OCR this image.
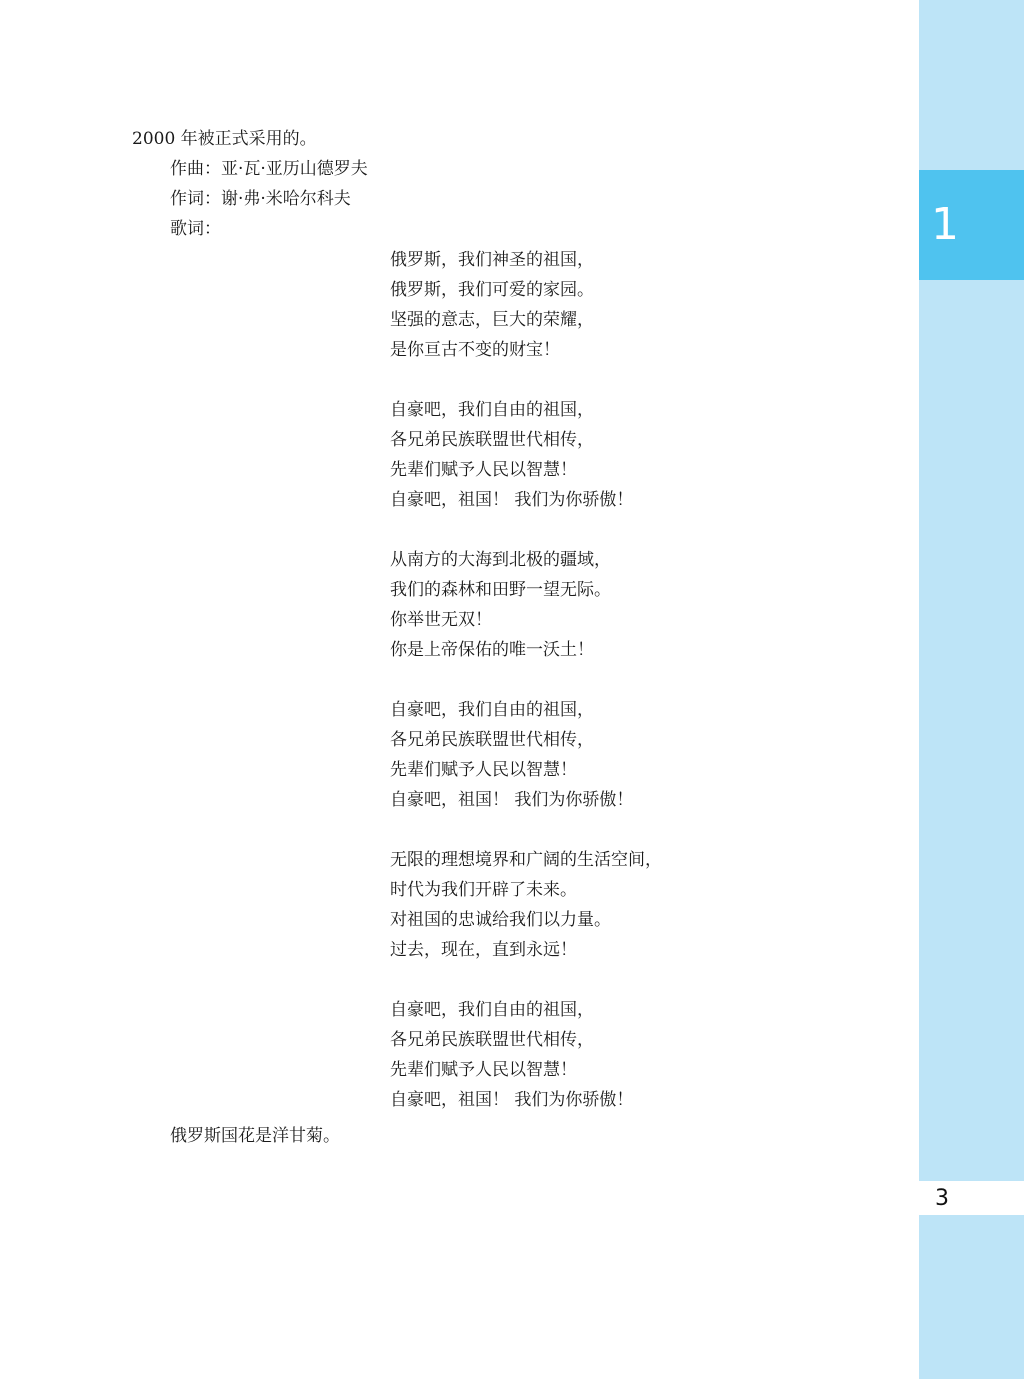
1
3
2000 年被正式采用的。
作曲：亚·瓦·亚历山德罗夫
作词：谢·弗·米哈尔科夫
歌词：
俄罗斯，我们神圣的祖国，
俄罗斯，我们可爱的家园。
坚强的意志，巨大的荣耀，
是你亘古不变的财宝！
自豪吧，我们自由的祖国，
各兄弟民族联盟世代相传，
先辈们赋予人民以智慧！
自豪吧，祖国！ 我们为你骄傲！
从南方的大海到北极的疆域，
我们的森林和田野一望无际。
你举世无双！
你是上帝保佑的唯一沃土！
自豪吧，我们自由的祖国，
各兄弟民族联盟世代相传，
先辈们赋予人民以智慧！
自豪吧，祖国！ 我们为你骄傲！
无限的理想境界和广阔的生活空间，
时代为我们开辟了未来。
对祖国的忠诚给我们以力量。
过去，现在，直到永远！
自豪吧，我们自由的祖国，
各兄弟民族联盟世代相传，
先辈们赋予人民以智慧！
自豪吧，祖国！ 我们为你骄傲！
俄罗斯国花是洋甘菊。
